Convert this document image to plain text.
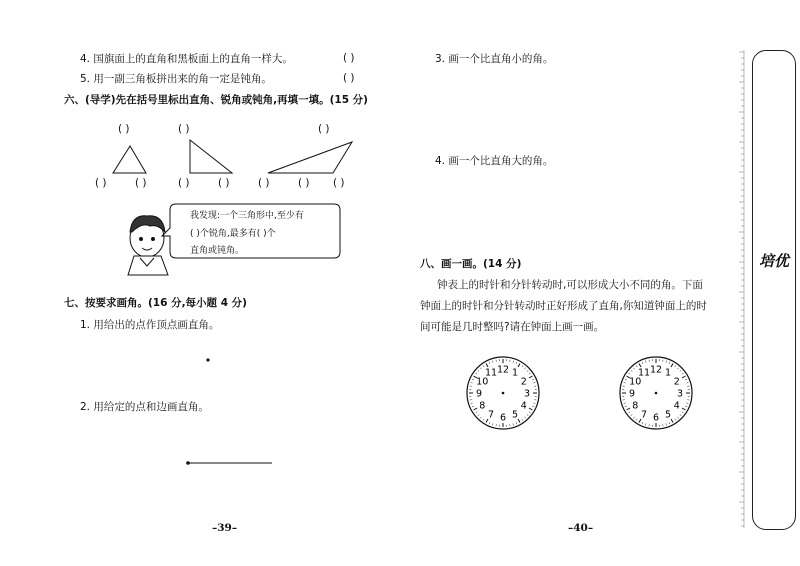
4. 国旗面上的直角和黑板面上的直角一样大。	( )
5. 用一副三角板拼出来的角一定是钝角。	( )
六、(导学)先在括号里标出直角、锐角或钝角,再填一填。(15 分)
( )	( )	( )
( )	( )	( )	( )	( )	( ) ( )
我发现:一个三角形中,至少有
( )个锐角,最多有( )个
直角或钝角。
七、按要求画角。(16 分,每小题 4 分)
1. 用给出的点作顶点画直角。
2. 用给定的点和边画直角。
–39–
3. 画一个比直角小的角。
4. 画一个比直角大的角。
八、画一画。(14 分)
钟表上的时针和分针转动时,可以形成大小不同的角。下面
钟面上的时针和分针转动时正好形成了直角,你知道钟面上的时
间可能是几时整吗?请在钟面上画一画。
–40–
12 1
2
3
4
5
6
7
8
9
10
11	12 1
2
3
4
5
6
7
8
9
10
11
培优
